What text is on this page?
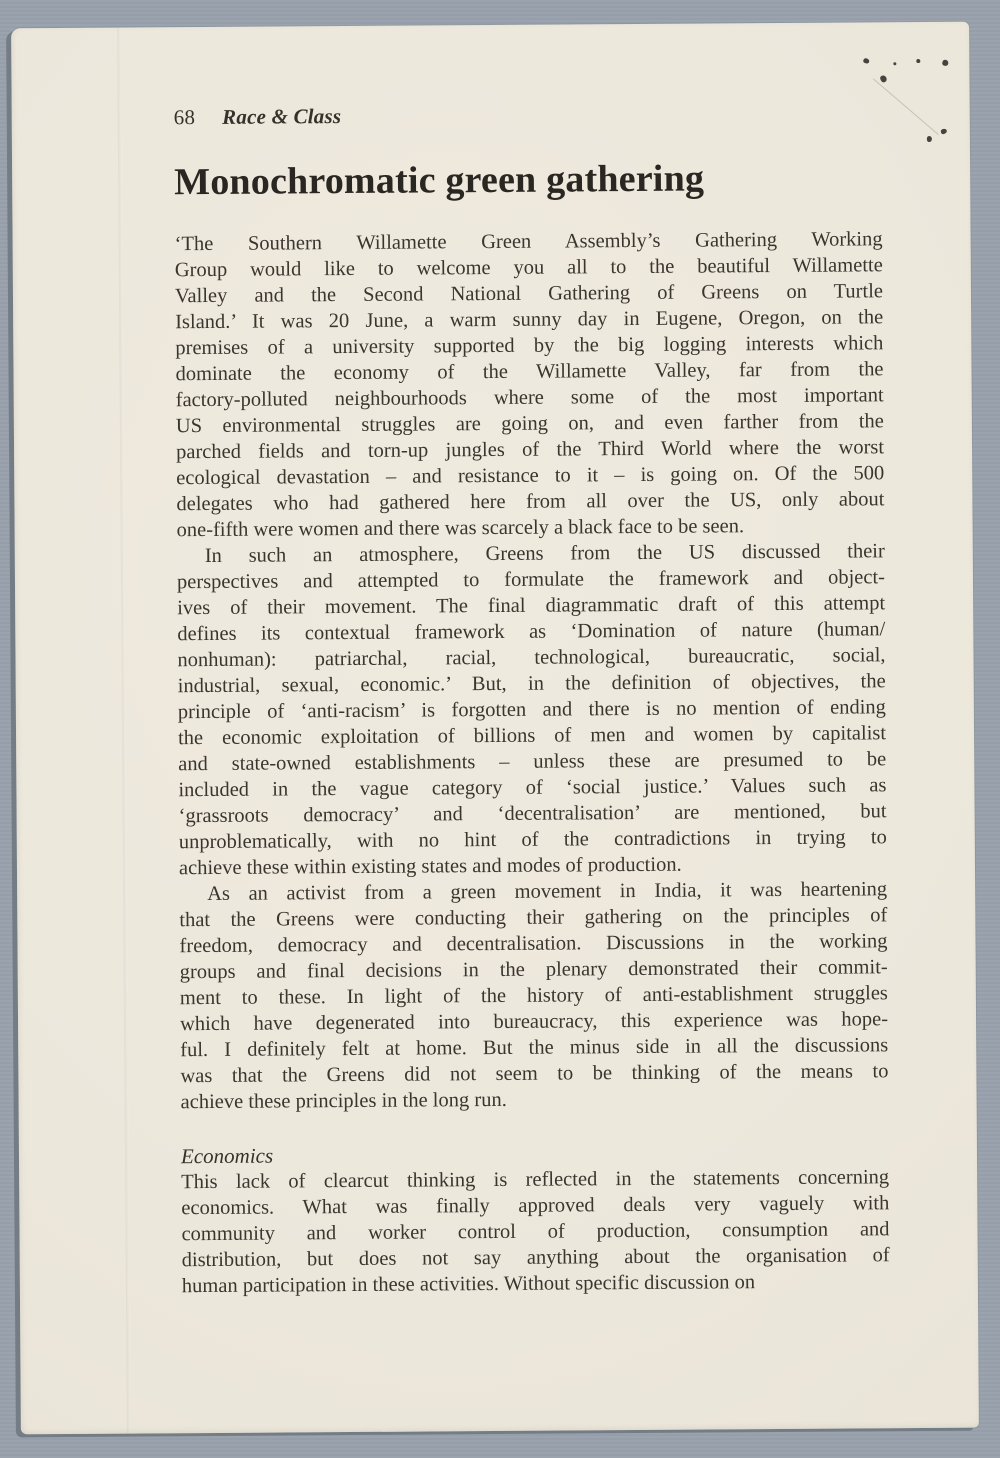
68 Race & Class
Monochromatic green gathering
‘The Southern Willamette Green Assembly’s Gathering Working
Group would like to welcome you all to the beautiful Willamette
Valley and the Second National Gathering of Greens on Turtle
Island.’ It was 20 June, a warm sunny day in Eugene, Oregon, on the
premises of a university supported by the big logging interests which
dominate the economy of the Willamette Valley, far from the
factory-polluted neighbourhoods where some of the most important
US environmental struggles are going on, and even farther from the
parched fields and torn-up jungles of the Third World where the worst
ecological devastation – and resistance to it – is going on. Of the 500
delegates who had gathered here from all over the US, only about
one-fifth were women and there was scarcely a black face to be seen.
In such an atmosphere, Greens from the US discussed their
perspectives and attempted to formulate the framework and object-
ives of their movement. The final diagrammatic draft of this attempt
defines its contextual framework as ‘Domination of nature (human/
nonhuman): patriarchal, racial, technological, bureaucratic, social,
industrial, sexual, economic.’ But, in the definition of objectives, the
principle of ‘anti-racism’ is forgotten and there is no mention of ending
the economic exploitation of billions of men and women by capitalist
and state-owned establishments – unless these are presumed to be
included in the vague category of ‘social justice.’ Values such as
‘grassroots democracy’ and ‘decentralisation’ are mentioned, but
unproblematically, with no hint of the contradictions in trying to
achieve these within existing states and modes of production.
As an activist from a green movement in India, it was heartening
that the Greens were conducting their gathering on the principles of
freedom, democracy and decentralisation. Discussions in the working
groups and final decisions in the plenary demonstrated their commit-
ment to these. In light of the history of anti-establishment struggles
which have degenerated into bureaucracy, this experience was hope-
ful. I definitely felt at home. But the minus side in all the discussions
was that the Greens did not seem to be thinking of the means to
achieve these principles in the long run.
Economics
This lack of clearcut thinking is reflected in the statements concerning
economics. What was finally approved deals very vaguely with
community and worker control of production, consumption and
distribution, but does not say anything about the organisation of
human participation in these activities. Without specific discussion on
